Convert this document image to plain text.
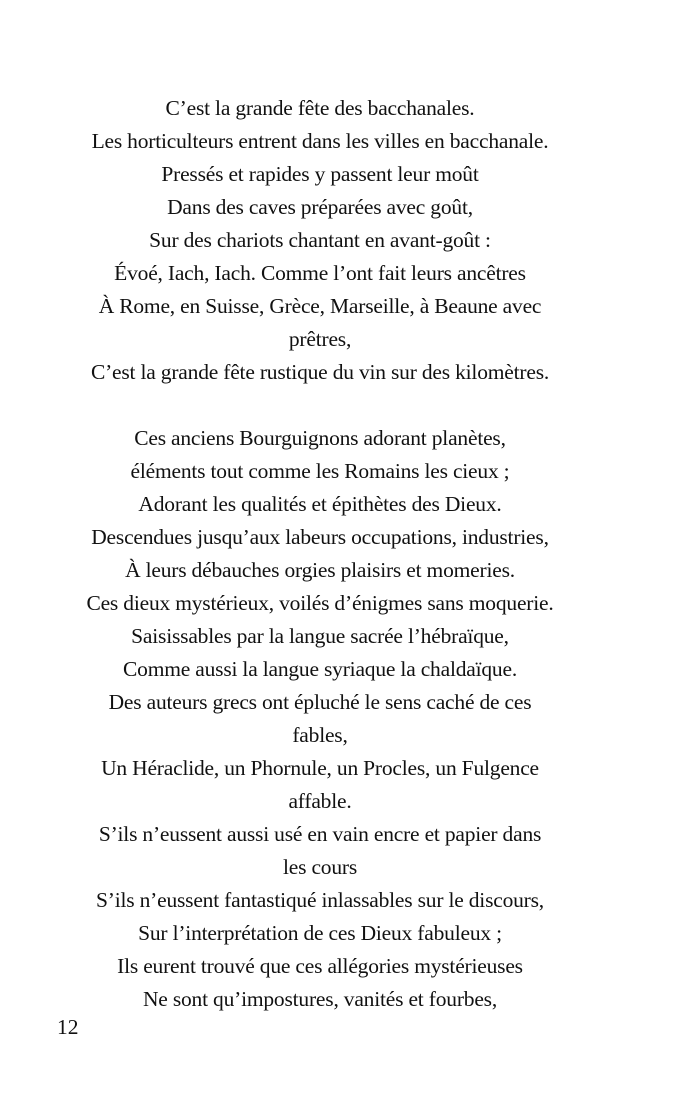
C’est la grande fête des bacchanales.
Les horticulteurs entrent dans les villes en bacchanale.
Pressés et rapides y passent leur moût
Dans des caves préparées avec goût,
Sur des chariots chantant en avant-goût :
Évoé, Iach, Iach. Comme l’ont fait leurs ancêtres
À Rome, en Suisse, Grèce, Marseille, à Beaune avec
prêtres,
C’est la grande fête rustique du vin sur des kilomètres.
Ces anciens Bourguignons adorant planètes,
éléments tout comme les Romains les cieux ;
Adorant les qualités et épithètes des Dieux.
Descendues jusqu’aux labeurs occupations, industries,
À leurs débauches orgies plaisirs et momeries.
Ces dieux mystérieux, voilés d’énigmes sans moquerie.
Saisissables par la langue sacrée l’hébraïque,
Comme aussi la langue syriaque la chaldaïque.
Des auteurs grecs ont épluché le sens caché de ces
fables,
Un Héraclide, un Phornule, un Procles, un Fulgence
affable.
S’ils n’eussent aussi usé en vain encre et papier dans
les cours
S’ils n’eussent fantastiqué inlassables sur le discours,
Sur l’interprétation de ces Dieux fabuleux ;
Ils eurent trouvé que ces allégories mystérieuses
Ne sont qu’impostures, vanités et fourbes,
12
